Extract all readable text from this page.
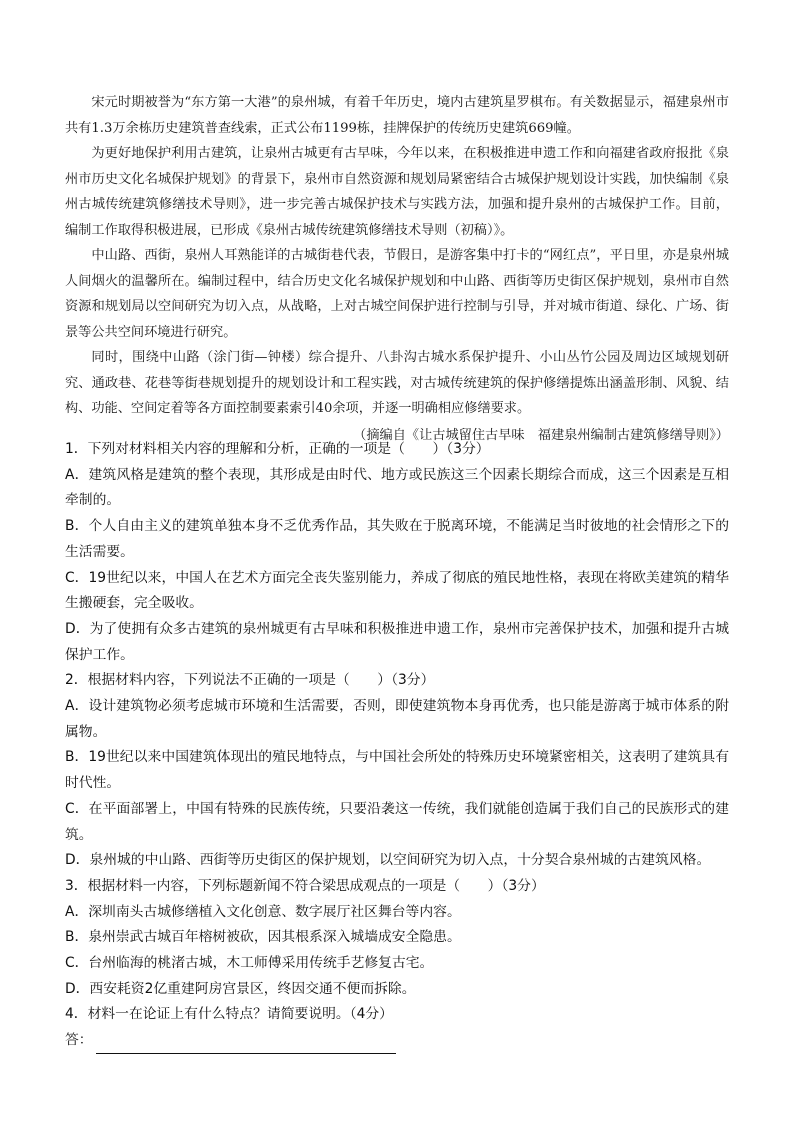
宋元时期被誉为“东方第一大港”的泉州城，有着千年历史，境内古建筑星罗棋布。有关数据显示，福建泉州市共有1.3万余栋历史建筑普查线索，正式公布1199栋，挂牌保护的传统历史建筑669幢。

为更好地保护利用古建筑，让泉州古城更有古早味，今年以来，在积极推进申遗工作和向福建省政府报批《泉州市历史文化名城保护规划》的背景下，泉州市自然资源和规划局紧密结合古城保护规划设计实践，加快编制《泉州古城传统建筑修缮技术导则》，进一步完善古城保护技术与实践方法，加强和提升泉州的古城保护工作。目前，编制工作取得积极进展，已形成《泉州古城传统建筑修缮技术导则（初稿）》。

中山路、西街，泉州人耳熟能详的古城街巷代表，节假日，是游客集中打卡的“网红点”，平日里，亦是泉州城人间烟火的温馨所在。编制过程中，结合历史文化名城保护规划和中山路、西街等历史街区保护规划，泉州市自然资源和规划局以空间研究为切入点，从战略，上对古城空间保护进行控制与引导，并对城市街道、绿化、广场、街景等公共空间环境进行研究。

同时，围绕中山路（涂门街—钟楼）综合提升、八卦沟古城水系保护提升、小山丛竹公园及周边区域规划研究、通政巷、花巷等街巷规划提升的规划设计和工程实践，对古城传统建筑的保护修缮提炼出涵盖形制、风貌、结构、功能、空间定着等各方面控制要素索引40余项，并逐一明确相应修缮要求。

（摘编自《让古城留住古早味　福建泉州编制古建筑修缮导则》）
1．下列对材料相关内容的理解和分析，正确的一项是（　　）（3分）
A．建筑风格是建筑的整个表现，其形成是由时代、地方或民族这三个因素长期综合而成，这三个因素是互相牵制的。
B．个人自由主义的建筑单独本身不乏优秀作品，其失败在于脱离环境，不能满足当时彼地的社会情形之下的生活需要。
C．19世纪以来，中国人在艺术方面完全丧失鉴别能力，养成了彻底的殖民地性格，表现在将欧美建筑的精华生搬硬套，完全吸收。
D．为了使拥有众多古建筑的泉州城更有古早味和积极推进申遗工作，泉州市完善保护技术，加强和提升古城保护工作。
2．根据材料内容，下列说法不正确的一项是（　　）（3分）
A．设计建筑物必须考虑城市环境和生活需要，否则，即使建筑物本身再优秀，也只能是游离于城市体系的附属物。
B．19世纪以来中国建筑体现出的殖民地特点，与中国社会所处的特殊历史环境紧密相关，这表明了建筑具有时代性。
C．在平面部署上，中国有特殊的民族传统，只要沿袭这一传统，我们就能创造属于我们自己的民族形式的建筑。
D．泉州城的中山路、西街等历史街区的保护规划，以空间研究为切入点，十分契合泉州城的古建筑风格。
3．根据材料一内容，下列标题新闻不符合梁思成观点的一项是（　　）（3分）
A．深圳南头古城修缮植入文化创意、数字展厅社区舞台等内容。
B．泉州崇武古城百年榕树被砍，因其根系深入城墙成安全隐患。
C．台州临海的桃渚古城，木工师傅采用传统手艺修复古宅。
D．西安耗资2亿重建阿房宫景区，终因交通不便而拆除。
4．材料一在论证上有什么特点？请简要说明。（4分）
答：
